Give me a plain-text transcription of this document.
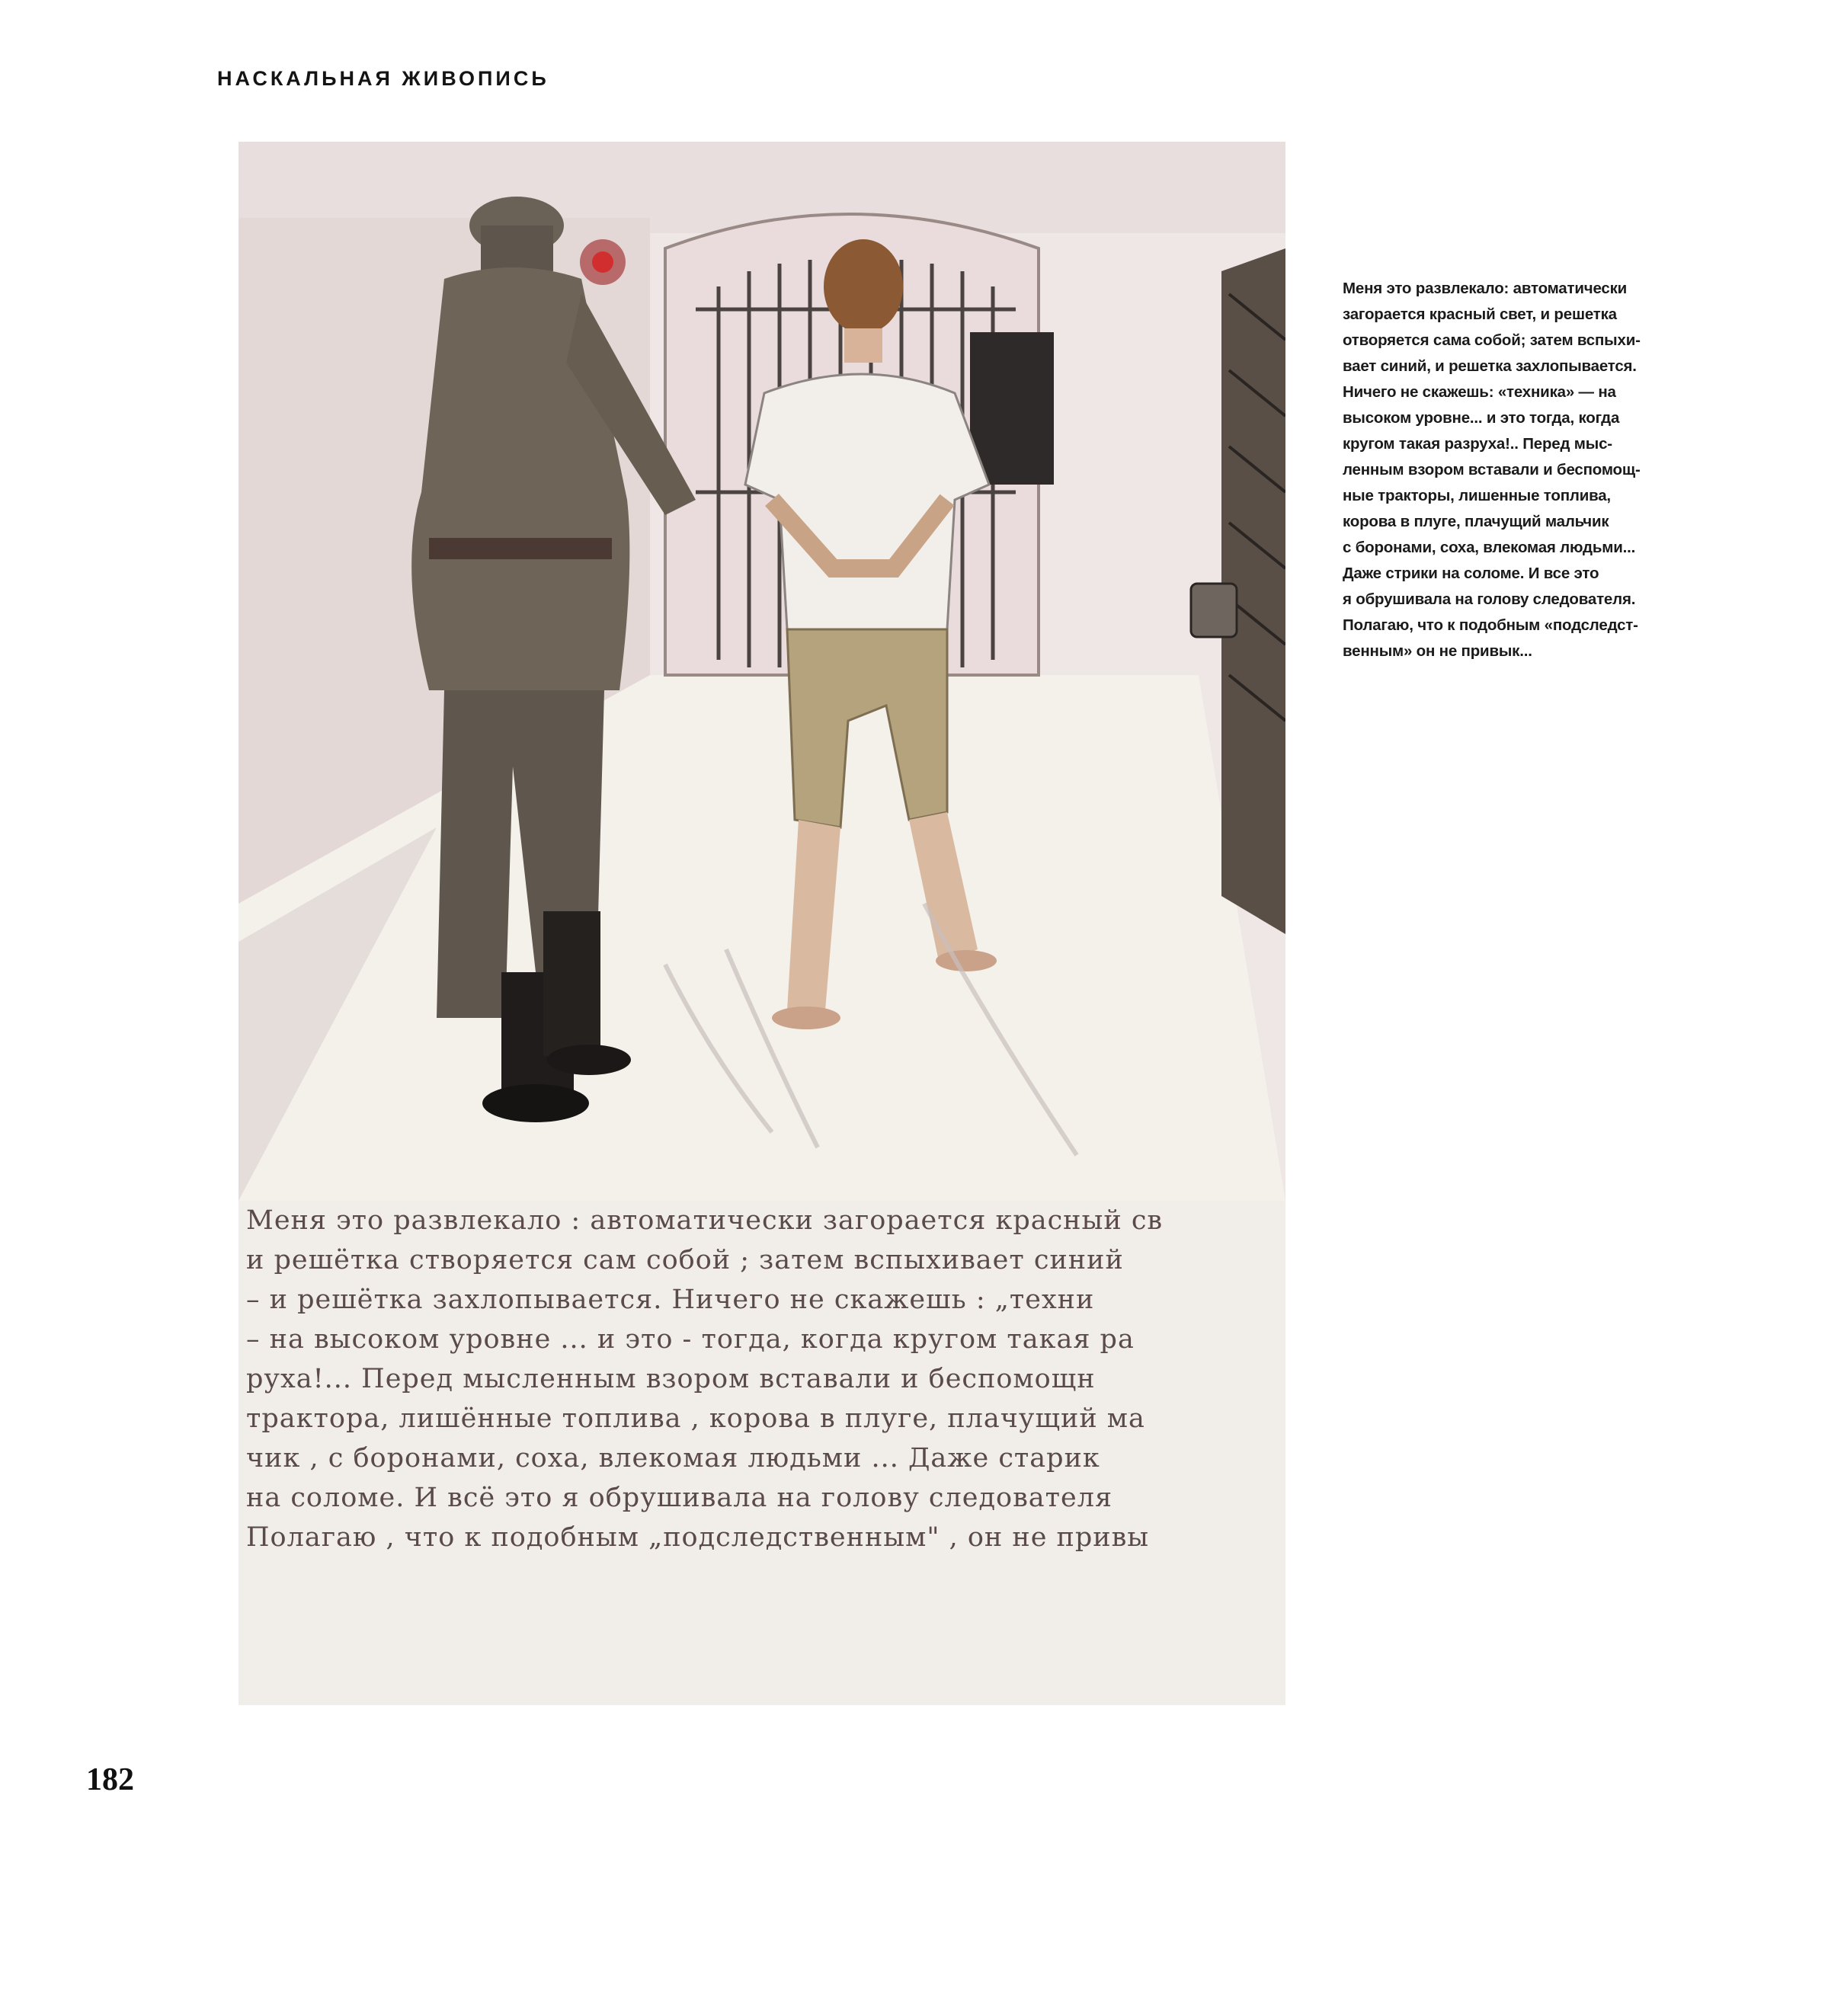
НАСКАЛЬНАЯ ЖИВОПИСЬ
Меня это развлекало : автоматически загорается красный св
и решётка створяется сам собой ; затем вспыхивает синий
– и решётка захлопывается. Ничего не скажешь : „техни
– на высоком уровне ... и это - тогда, когда кругом такая ра
руха!... Перед мысленным взором вставали и беспомощн
трактора, лишённые топлива , корова в плуге, плачущий ма
чик , с боронами, соха, влекомая людьми ... Даже старик
на соломе. И всё это я обрушивала на голову следователя
Полагаю , что к подобным „подследственным" , он не привы
Меня это развлекало: автоматически
загорается красный свет, и решетка
отворяется сама собой; затем вспыхи-
вает синий, и решетка захлопывается.
Ничего не скажешь: «техника» — на
высоком уровне... и это тогда, когда
кругом такая разруха!.. Перед мыс-
ленным взором вставали и беспомощ-
ные тракторы, лишенные топлива,
корова в плуге, плачущий мальчик
с боронами, соха, влекомая людьми...
Даже стрики на соломе. И все это
я обрушивала на голову следователя.
Полагаю, что к подобным «подследст-
венным» он не привык...
182
